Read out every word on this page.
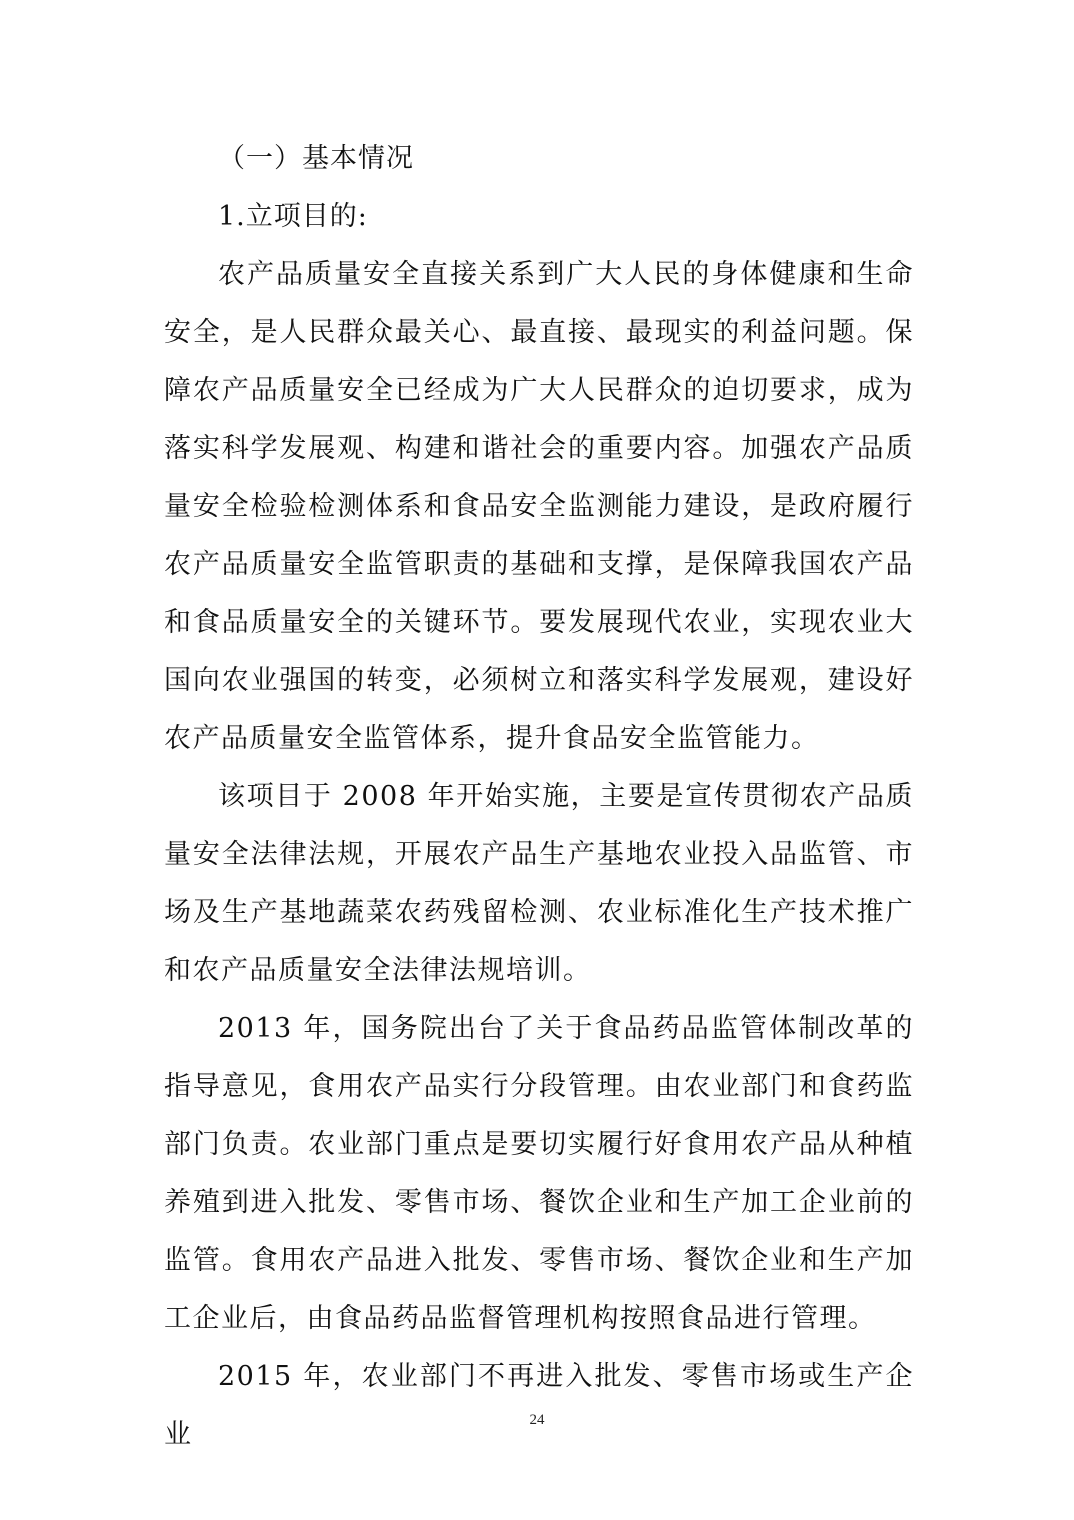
（一）基本情况

1.立项目的:

农产品质量安全直接关系到广大人民的身体健康和生命安全，是人民群众最关心、最直接、最现实的利益问题。保障农产品质量安全已经成为广大人民群众的迫切要求，成为落实科学发展观、构建和谐社会的重要内容。加强农产品质量安全检验检测体系和食品安全监测能力建设，是政府履行农产品质量安全监管职责的基础和支撑，是保障我国农产品和食品质量安全的关键环节。要发展现代农业，实现农业大国向农业强国的转变，必须树立和落实科学发展观，建设好农产品质量安全监管体系，提升食品安全监管能力。

该项目于 2008 年开始实施，主要是宣传贯彻农产品质量安全法律法规，开展农产品生产基地农业投入品监管、市场及生产基地蔬菜农药残留检测、农业标准化生产技术推广和农产品质量安全法律法规培训。

2013 年，国务院出台了关于食品药品监管体制改革的指导意见，食用农产品实行分段管理。由农业部门和食药监部门负责。农业部门重点是要切实履行好食用农产品从种植养殖到进入批发、零售市场、餐饮企业和生产加工企业前的监管。食用农产品进入批发、零售市场、餐饮企业和生产加工企业后，由食品药品监督管理机构按照食品进行管理。

2015 年，农业部门不再进入批发、零售市场或生产企业	24
